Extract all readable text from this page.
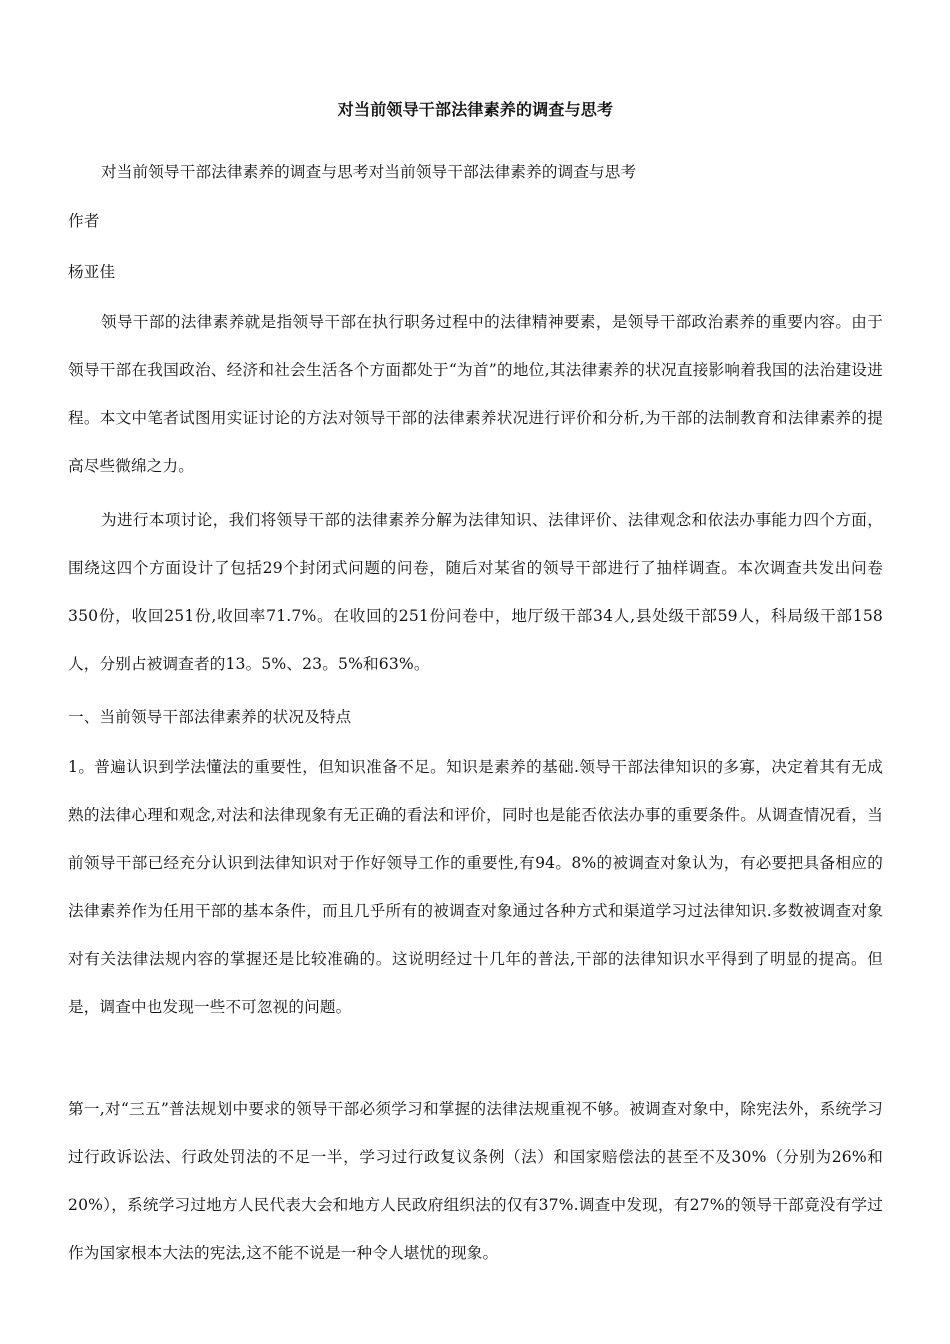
对当前领导干部法律素养的调查与思考

对当前领导干部法律素养的调查与思考对当前领导干部法律素养的调查与思考

作者

杨亚佳

领导干部的法律素养就是指领导干部在执行职务过程中的法律精神要素，是领导干部政治素养的重要内容。由于领导干部在我国政治、经济和社会生活各个方面都处于“为首”的地位,其法律素养的状况直接影响着我国的法治建设进程。本文中笔者试图用实证讨论的方法对领导干部的法律素养状况进行评价和分析,为干部的法制教育和法律素养的提高尽些微绵之力。

为进行本项讨论，我们将领导干部的法律素养分解为法律知识、法律评价、法律观念和依法办事能力四个方面，围绕这四个方面设计了包括29个封闭式问题的问卷，随后对某省的领导干部进行了抽样调查。本次调查共发出问卷350份，收回251份,收回率71.7%。在收回的251份问卷中，地厅级干部34人,县处级干部59人，科局级干部158人，分别占被调查者的13。5%、23。5%和63%。

一、当前领导干部法律素养的状况及特点

1。普遍认识到学法懂法的重要性，但知识准备不足。知识是素养的基础.领导干部法律知识的多寡，决定着其有无成熟的法律心理和观念,对法和法律现象有无正确的看法和评价，同时也是能否依法办事的重要条件。从调查情况看，当前领导干部已经充分认识到法律知识对于作好领导工作的重要性,有94。8%的被调查对象认为，有必要把具备相应的法律素养作为任用干部的基本条件，而且几乎所有的被调查对象通过各种方式和渠道学习过法律知识.多数被调查对象对有关法律法规内容的掌握还是比较准确的。这说明经过十几年的普法,干部的法律知识水平得到了明显的提高。但是，调查中也发现一些不可忽视的问题。

第一,对“三五”普法规划中要求的领导干部必须学习和掌握的法律法规重视不够。被调查对象中，除宪法外，系统学习过行政诉讼法、行政处罚法的不足一半，学习过行政复议条例（法）和国家赔偿法的甚至不及30%（分别为26%和20%），系统学习过地方人民代表大会和地方人民政府组织法的仅有37%.调查中发现，有27%的领导干部竟没有学过作为国家根本大法的宪法,这不能不说是一种令人堪忧的现象。
